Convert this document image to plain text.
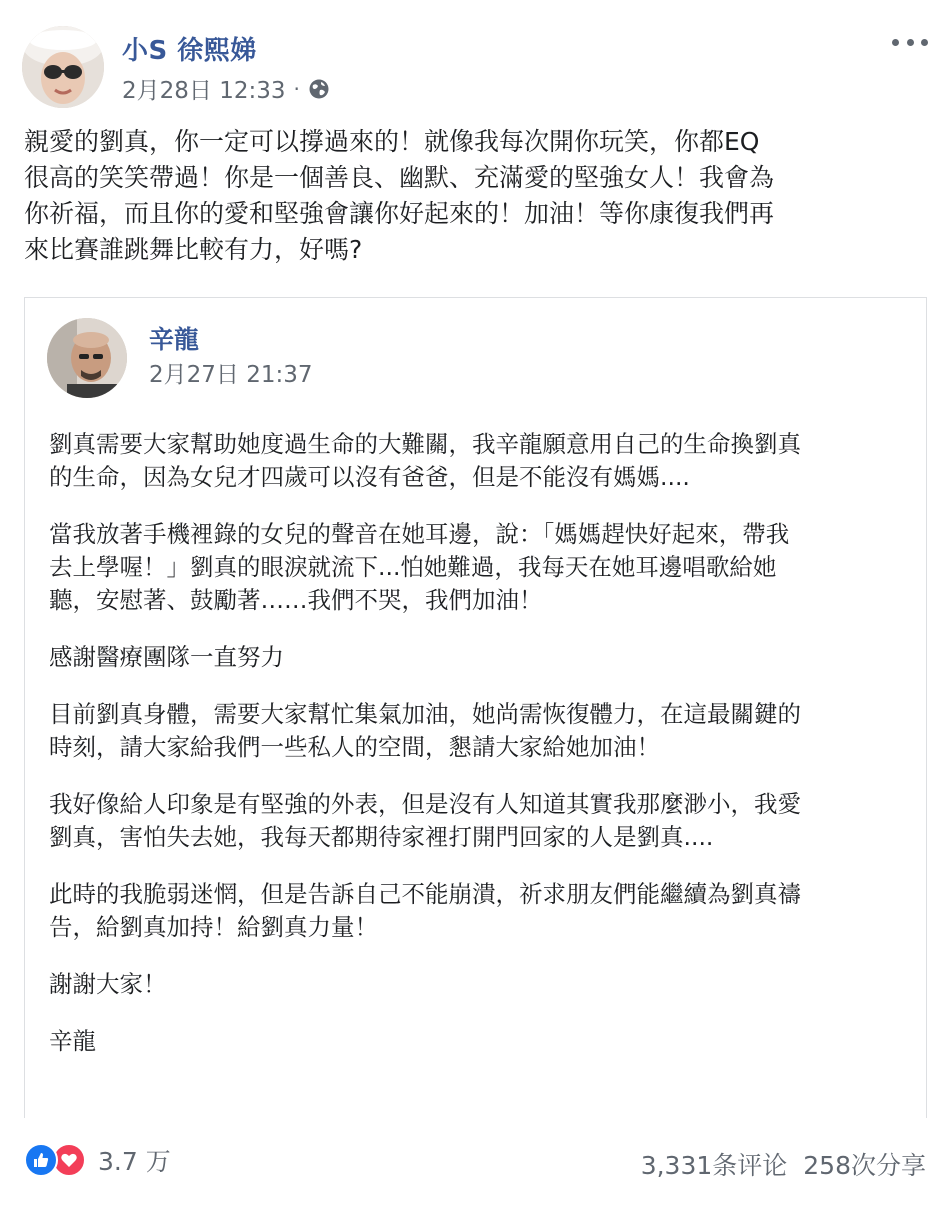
小S 徐熙娣
2月28日 12:33 ·

親愛的劉真，你一定可以撐過來的！就像我每次開你玩笑，你都EQ
很高的笑笑帶過！你是一個善良、幽默、充滿愛的堅強女人！我會為
你祈福，而且你的愛和堅強會讓你好起來的！加油！等你康復我們再
來比賽誰跳舞比較有力，好嗎?

辛龍
2月27日 21:37

劉真需要大家幫助她度過生命的大難關，我辛龍願意用自己的生命換劉真
的生命，因為女兒才四歲可以沒有爸爸，但是不能沒有媽媽....

當我放著手機裡錄的女兒的聲音在她耳邊，說：「媽媽趕快好起來，帶我
去上學喔！」劉真的眼淚就流下...怕她難過，我每天在她耳邊唱歌給她
聽，安慰著、鼓勵著……我們不哭，我們加油！

感謝醫療團隊一直努力

目前劉真身體，需要大家幫忙集氣加油，她尚需恢復體力，在這最關鍵的
時刻，請大家給我們一些私人的空間，懇請大家給她加油！

我好像給人印象是有堅強的外表，但是沒有人知道其實我那麼渺小，我愛
劉真，害怕失去她，我每天都期待家裡打開門回家的人是劉真....

此時的我脆弱迷惘，但是告訴自己不能崩潰，祈求朋友們能繼續為劉真禱
告，給劉真加持！給劉真力量！

謝謝大家！

辛龍

3.7 万	3,331条评论 258次分享
